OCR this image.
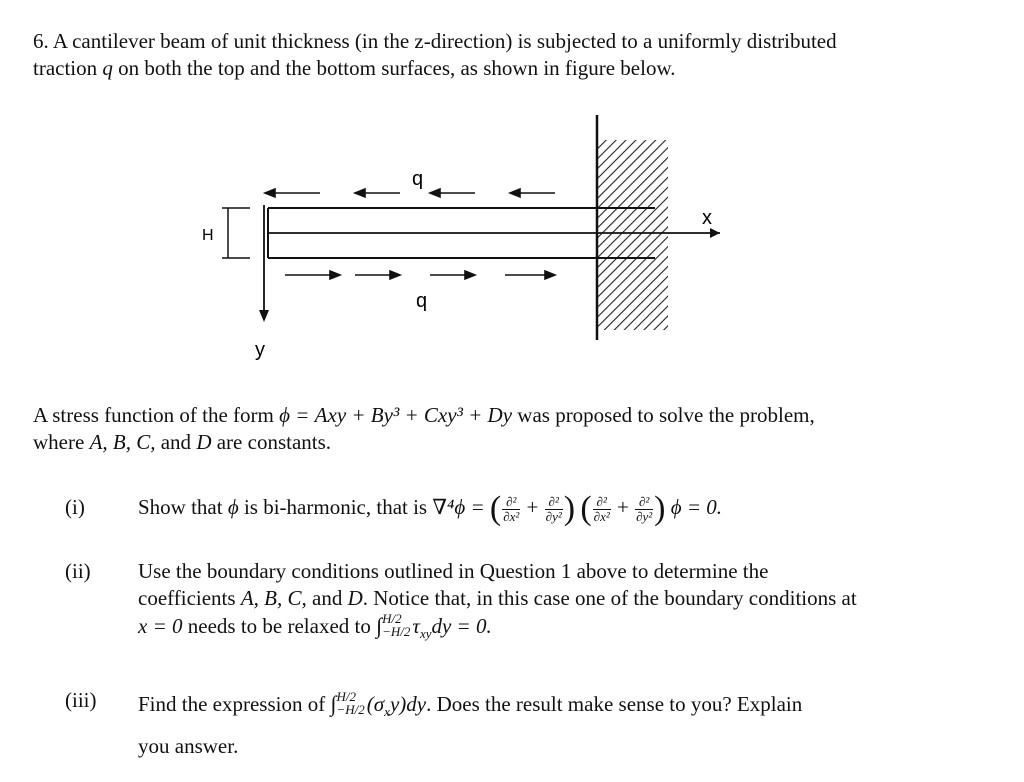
6. A cantilever beam of unit thickness (in the z-direction) is subjected to a uniformly distributed
traction q on both the top and the bottom surfaces, as shown in figure below.

x
y
H
q
q

A stress function of the form ϕ = Axy + By³ + Cxy³ + Dy was proposed to solve the problem,
where A, B, C, and D are constants.

(i)	Show that ϕ is bi-harmonic, that is ∇⁴ϕ = ( $\frac{\text{∂²}}{\text{∂x²}} + \frac{\text{∂²}}{\text{∂y²}}$ ) ( $\frac{\text{∂²}}{\text{∂x²}} + \frac{\text{∂²}}{\text{∂y²}}$ ) ϕ = 0.
(ii) Use the boundary conditions outlined in Question 1 above to determine the
coefficients A, B, C, and D. Notice that, in this case one of the boundary conditions at
x = 0 needs to be relaxed to ∫ H/2
−H/2 $\tau_{xy}dy = 0$.
(iii) Find the expression of ∫ H/2
−H/2 $(\sigma_xy)dy$. Does the result make sense to you? Explain
you answer.
